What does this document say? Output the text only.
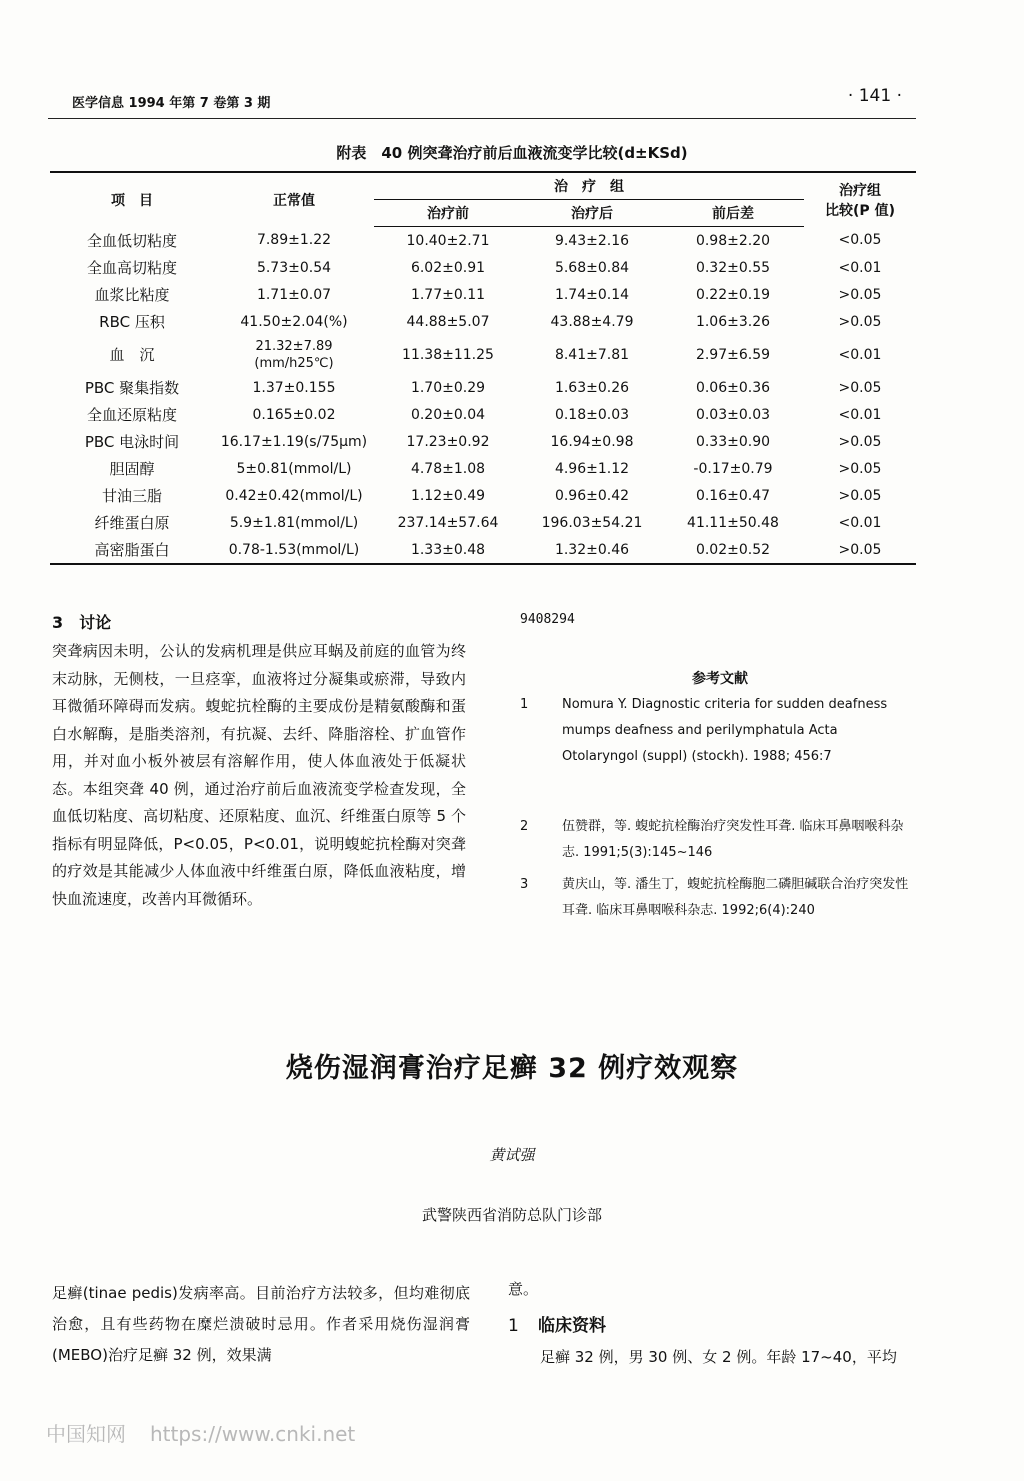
医学信息 1994 年第 7 卷第 3 期	· 141 ·
附表　40 例突聋治疗前后血液流变学比较(d±KSd)
项　目	正常值	治　疗　组			治疗组
比较(P 值)

		治疗前	治疗后	前后差	
全血低切粘度	7.89±1.22	10.40±2.71	9.43±2.16	0.98±2.20	<0.05
全血高切粘度	5.73±0.54	6.02±0.91	5.68±0.84	0.32±0.55	<0.01
血浆比粘度	1.71±0.07	1.77±0.11	1.74±0.14	0.22±0.19	>0.05
RBC 压积	41.50±2.04(%)	44.88±5.07	43.88±4.79	1.06±3.26	>0.05
血　沉	21.32±7.89
(mm/h25℃)	11.38±11.25	8.41±7.81	2.97±6.59	<0.01
PBC 聚集指数	1.37±0.155	1.70±0.29	1.63±0.26	0.06±0.36	>0.05
全血还原粘度	0.165±0.02	0.20±0.04	0.18±0.03	0.03±0.03	<0.01
PBC 电泳时间	16.17±1.19(s/75μm)	17.23±0.92	16.94±0.98	0.33±0.90	>0.05
胆固醇	5±0.81(mmol/L)	4.78±1.08	4.96±1.12	-0.17±0.79	>0.05
甘油三脂	0.42±0.42(mmol/L)	1.12±0.49	0.96±0.42	0.16±0.47	>0.05
纤维蛋白原	5.9±1.81(mmol/L)	237.14±57.64	196.03±54.21	41.11±50.48	<0.01
高密脂蛋白	0.78-1.53(mmol/L)	1.33±0.48	1.32±0.46	0.02±0.52	>0.05
3　讨论
突聋病因未明，公认的发病机理是供应耳蜗及前庭的血管为终末动脉，无侧枝，一旦痉挛，血液将过分凝集或瘀滞，导致内耳微循环障碍而发病。蝮蛇抗栓酶的主要成份是精氨酸酶和蛋白水解酶，是脂类溶剂，有抗凝、去纤、降脂溶栓、扩血管作用，并对血小板外被层有溶解作用，使人体血液处于低凝状态。本组突聋 40 例，通过治疗前后血液流变学检查发现，全血低切粘度、高切粘度、还原粘度、血沉、纤维蛋白原等 5 个指标有明显降低，P<0.05，P<0.01，说明蝮蛇抗栓酶对突聋的疗效是其能减少人体血液中纤维蛋白原，降低血液粘度，增快血流速度，改善内耳微循环。
9408294
参考文献
1	Nomura Y. Diagnostic criteria for sudden deafness mumps deafness and perilymphatula Acta Otolaryngol (suppl) (stockh). 1988; 456:7
2	伍赞群，等. 蝮蛇抗栓酶治疗突发性耳聋. 临床耳鼻咽喉科杂志. 1991;5(3):145~146
3	黄庆山，等. 潘生丁，蝮蛇抗栓酶胞二磷胆碱联合治疗突发性耳聋. 临床耳鼻咽喉科杂志. 1992;6(4):240
烧伤湿润膏治疗足癣 32 例疗效观察
黄试强
武警陕西省消防总队门诊部
足癣(tinae pedis)发病率高。目前治疗方法较多，但均难彻底治愈，且有些药物在糜烂溃破时忌用。作者采用烧伤湿润膏(MEBO)治疗足癣 32 例，效果满
意。
1 临床资料
足癣 32 例，男 30 例、女 2 例。年龄 17~40，平均
中国知网 https://www.cnki.net
